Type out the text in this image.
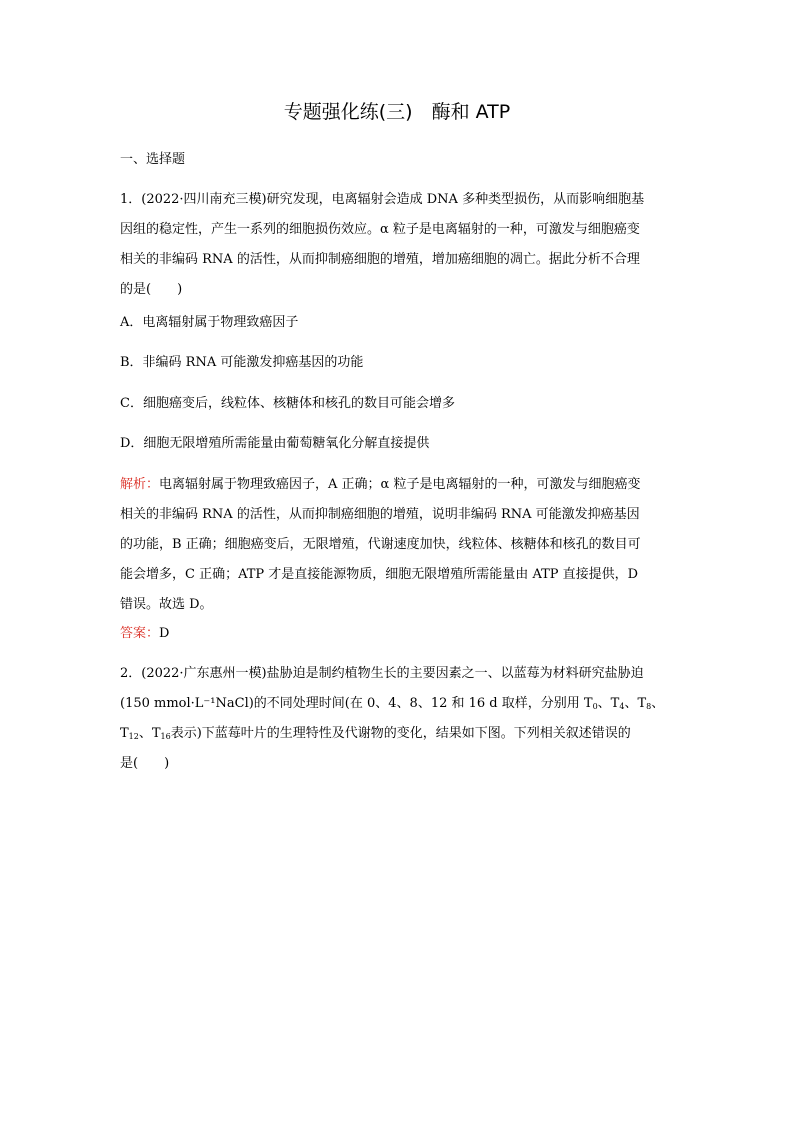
专题强化练(三)　酶和 ATP
一、选择题
1．(2022·四川南充三模)研究发现，电离辐射会造成 DNA 多种类型损伤，从而影响细胞基
因组的稳定性，产生一系列的细胞损伤效应。α 粒子是电离辐射的一种，可激发与细胞癌变
相关的非编码 RNA 的活性，从而抑制癌细胞的增殖，增加癌细胞的凋亡。据此分析不合理
的是(　　)
A．电离辐射属于物理致癌因子
B．非编码 RNA 可能激发抑癌基因的功能
C．细胞癌变后，线粒体、核糖体和核孔的数目可能会增多
D．细胞无限增殖所需能量由葡萄糖氧化分解直接提供
解析：电离辐射属于物理致癌因子，A 正确；α 粒子是电离辐射的一种，可激发与细胞癌变
相关的非编码 RNA 的活性，从而抑制癌细胞的增殖，说明非编码 RNA 可能激发抑癌基因
的功能，B 正确；细胞癌变后，无限增殖，代谢速度加快，线粒体、核糖体和核孔的数目可
能会增多，C 正确；ATP 才是直接能源物质，细胞无限增殖所需能量由 ATP 直接提供，D
错误。故选 D。
答案：D
2．(2022·广东惠州一模)盐胁迫是制约植物生长的主要因素之一、以蓝莓为材料研究盐胁迫
(150 mmol·L⁻¹NaCl)的不同处理时间(在 0、4、8、12 和 16 d 取样，分别用 $T_0$、$T_4$、$T_8$、
$T_{12}$、$T_{16}$表示)下蓝莓叶片的生理特性及代谢物的变化，结果如下图。下列相关叙述错误的
是(　　)
